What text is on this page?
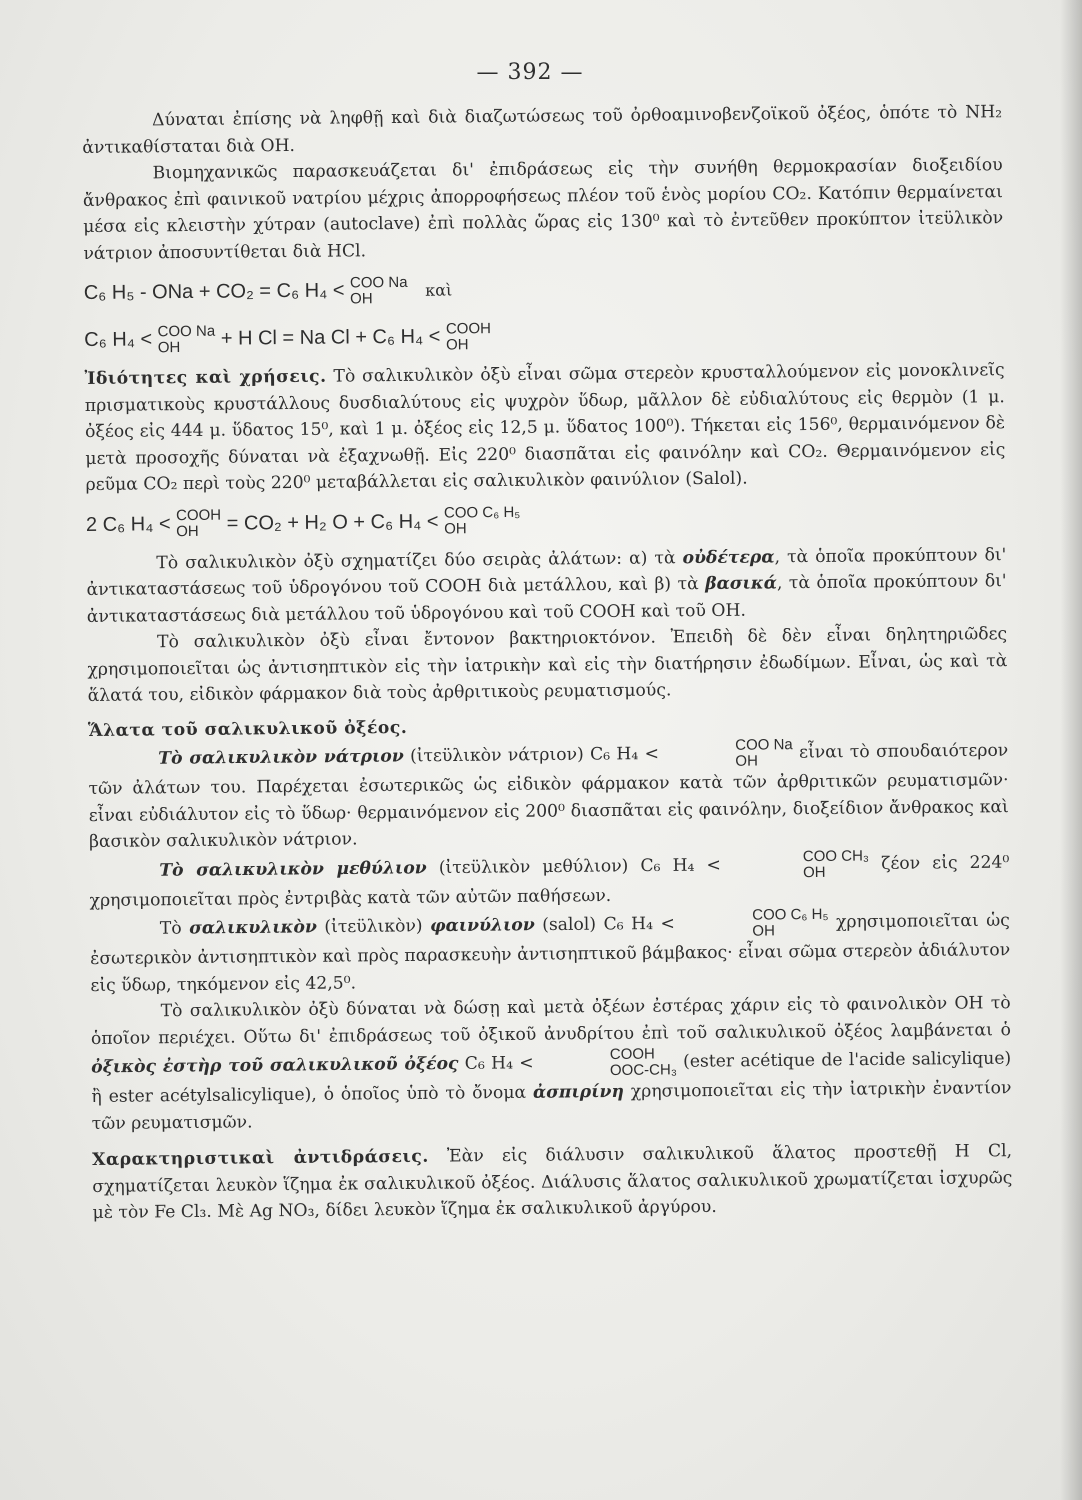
— 392 —

Δύναται ἐπίσης νὰ ληφθῇ καὶ διὰ διαζωτώσεως τοῦ ὀρθοαμινοβενζοϊκοῦ ὀξέος, ὁπότε τὸ NH₂ ἀντικαθίσταται διὰ OH.

Βιομηχανικῶς παρασκευάζεται δι' ἐπιδράσεως εἰς τὴν συνήθη θερμοκρασίαν διοξειδίου ἄνθρακος ἐπὶ φαινικοῦ νατρίου μέχρις ἀπορροφήσεως πλέον τοῦ ἑνὸς μορίου CO₂. Κατόπιν θερμαίνεται μέσα εἰς κλειστὴν χύτραν (autoclave) ἐπὶ πολλὰς ὥρας εἰς 130⁰ καὶ τὸ ἐντεῦθεν προκύπτον ἰτεϋλικὸν νάτριον ἀποσυντίθεται διὰ HCl.

C₆ H₅ - ONa + CO₂ = C₆ H₄ < COO Na
OH	καὶ

C₆ H₄ < COO Na
OH	+ H Cl = Na Cl + C₆ H₄ < COOH
OH

Ἰδιότητες καὶ χρήσεις. Τὸ σαλικυλικὸν ὀξὺ εἶναι σῶμα στερεὸν κρυσταλλούμενον εἰς μονοκλινεῖς πρισματικοὺς κρυστάλλους δυσδιαλύτους εἰς ψυχρὸν ὕδωρ, μᾶλλον δὲ εὐδιαλύτους εἰς θερμὸν (1 μ. ὀξέος εἰς 444 μ. ὕδατος 15⁰, καὶ 1 μ. ὀξέος εἰς 12,5 μ. ὕδατος 100⁰). Τήκεται εἰς 156⁰, θερμαινόμενον δὲ μετὰ προσοχῆς δύναται νὰ ἐξαχνωθῇ. Εἰς 220⁰ διασπᾶται εἰς φαινόλην καὶ CO₂. Θερμαινόμενον εἰς ρεῦμα CO₂ περὶ τοὺς 220⁰ μεταβάλλεται εἰς σαλικυλικὸν φαινύλιον (Salol).

2 C₆ H₄ < COOH
OH	= CO₂ + H₂ O + C₆ H₄ < COO C₆ H₅
OH

Τὸ σαλικυλικὸν ὀξὺ σχηματίζει δύο σειρὰς ἀλάτων: α) τὰ οὐδέτερα, τὰ ὁποῖα προκύπτουν δι' ἀντικαταστάσεως τοῦ ὑδρογόνου τοῦ COOH διὰ μετάλλου, καὶ β) τὰ βασικά, τὰ ὁποῖα προκύπτουν δι' ἀντικαταστάσεως διὰ μετάλλου τοῦ ὑδρογόνου καὶ τοῦ COOH καὶ τοῦ OH.

Τὸ σαλικυλικὸν ὀξὺ εἶναι ἔντονον βακτηριοκτόνον. Ἐπειδὴ δὲ δὲν εἶναι δηλητηριῶδες χρησιμοποιεῖται ὡς ἀντισηπτικὸν εἰς τὴν ἰατρικὴν καὶ εἰς τὴν διατήρησιν ἐδωδίμων. Εἶναι, ὡς καὶ τὰ ἅλατά του, εἰδικὸν φάρμακον διὰ τοὺς ἀρθριτικοὺς ρευματισμούς.

Ἅλατα τοῦ σαλικυλικοῦ ὀξέος.

Τὸ σαλικυλικὸν νάτριον (ἰτεϋλικὸν νάτριον) C₆ H₄ <	COO Na
OH	εἶναι τὸ σπουδαιότερον τῶν ἀλάτων του. Παρέχεται ἐσωτερικῶς ὡς εἰδικὸν φάρμακον κατὰ τῶν ἀρθριτικῶν ρευματισμῶν· εἶναι εὐδιάλυτον εἰς τὸ ὕδωρ· θερμαινόμενον εἰς 200⁰ διασπᾶται εἰς φαινόλην, διοξείδιον ἄνθρακος καὶ βασικὸν σαλικυλικὸν νάτριον.

Τὸ σαλικυλικὸν μεθύλιον (ἰτεϋλικὸν μεθύλιον) C₆ H₄ <	COO CH₃
OH	ζέον εἰς 224⁰ χρησιμοποιεῖται πρὸς ἐντριβὰς κατὰ τῶν αὐτῶν παθήσεων.

Τὸ σαλικυλικὸν (ἰτεϋλικὸν) φαινύλιον (salol) C₆ H₄ <	COO C₆ H₅
OH	χρησιμοποιεῖται ὡς ἐσωτερικὸν ἀντισηπτικὸν καὶ πρὸς παρασκευὴν ἀντισηπτικοῦ βάμβακος· εἶναι σῶμα στερεὸν ἀδιάλυτον εἰς ὕδωρ, τηκόμενον εἰς 42,5⁰.

Τὸ σαλικυλικὸν ὀξὺ δύναται νὰ δώσῃ καὶ μετὰ ὀξέων ἐστέρας χάριν εἰς τὸ φαινολικὸν OH τὸ ὁποῖον περιέχει. Οὕτω δι' ἐπιδράσεως τοῦ ὀξικοῦ ἀνυδρίτου ἐπὶ τοῦ σαλικυλικοῦ ὀξέος λαμβάνεται ὁ ὀξικὸς ἐστὴρ τοῦ σαλικυλικοῦ ὀξέος C₆ H₄ <	COOH
OOC-CH₃ (ester acétique de l'acide salicylique) ἢ ester acétylsalicylique), ὁ ὁποῖος ὑπὸ τὸ ὄνομα ἀσπιρίνη χρησιμοποιεῖται εἰς τὴν ἰατρικὴν ἐναντίον τῶν ρευματισμῶν.

Χαρακτηριστικαὶ ἀντιδράσεις. Ἐὰν εἰς διάλυσιν σαλικυλικοῦ ἅλατος προστεθῇ H Cl, σχηματίζεται λευκὸν ἵζημα ἐκ σαλικυλικοῦ ὀξέος. Διάλυσις ἅλατος σαλικυλικοῦ χρωματίζεται ἰσχυρῶς μὲ τὸν Fe Cl₃. Μὲ Ag NO₃, δίδει λευκὸν ἵζημα ἐκ σαλικυλικοῦ ἀργύρου.
